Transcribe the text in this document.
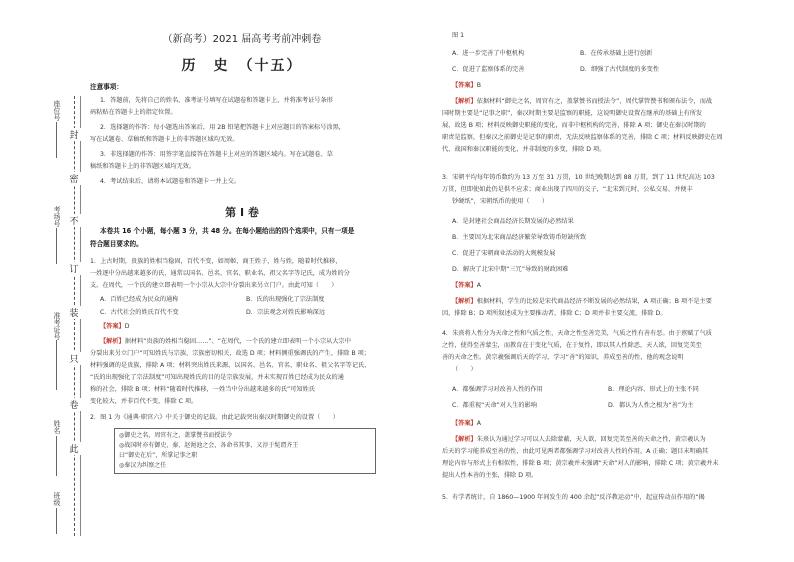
封
密
不
订
装
只
卷
此
座位号
考场号
准考证号
姓名
班级
（新高考）2021 届高考考前冲刺卷
历　史　（十五）
注意事项：
1．答题前，先将自己的姓名、准考证号填写在试题卷和答题卡上，并将准考证号条形
码粘贴在答题卡上的指定位置。
2．选择题的作答：每小题选出答案后，用 2B 铅笔把答题卡上对应题目的答案标号涂黑，
写在试题卷、草稿纸和答题卡上的非答题区域均无效。
3．非选择题的作答：用签字笔直接答在答题卡上对应的答题区域内。写在试题卷、草
稿纸和答题卡上的非答题区域均无效。
4．考试结束后，请将本试题卷和答题卡一并上交。
第 I 卷
本卷共 16 个小题，每小题 3 分，共 48 分。在每小题给出的四个选项中，只有一项是
符合题目要求的。
1．上古时期，贵族的姓相当稳固，百代不变，如周姬，商王姓子，姓与姓，随着时代推移，
一姓逐中分出越来越多的氏，通常以国名、邑名、官名、职业名、祖父名字等记氏，成为姓的分
支。在周代，一个氏的建立即表明一个小宗从大宗中分裂出来另立门户。由此可知（　　）
A．百姓已经成为民众的通称	B．氏的出现强化了宗法制度
C．古代社会的姓氏百代不变	D．宗法观念对姓氏影响深远
【答案】D
【解析】据材料“贵族的姓相当稳固……”、“在周代，一个氏的建立即表明一个小宗从大宗中
分裂出来另立门户”可知姓氏与宗族、宗族密切相关，故选 D 项；材料侧重强调氏的产生，排除 B 项；
材料强调的是贵族，排除 A 项；材料突出姓氏来源，以国名、邑名、官名、职业名、祖父名字等记氏，
“氏的出现强化了宗法制度”可知出现姓氏的目的是宗族发展，并未实现百姓已经成为民众的通
称的社会，排除 B 项；材料“随着时代推移，一姓当中分出越来越多的氏”可知姓氏
变化较大，并非百代不变，排除 C 项。
2．图 1 为《通典·职官六》中关于御史的记载。由此记载突出秦汉时期御史的设置（　　）
◎御史之名，周官有之，盖掌赞书而授法令
◎战国时亦有御史，秦、赵渑池之会，各命书其事，又淳于髡谓齐王
曰“御史在后”，所掌记事之职
◎秦汉为纠察之任
图 1
A．进一步完善了中枢机构	B．在传承基础上进行创新
C．促进了监察体系的完善	D．细强了古代制度的多变性
【答案】B
【解析】依据材料“御史之名，周官有之，盖掌赞书而授法令”，周代掌管赞书和颁布法令，而战
国时期主要是“记事之职”，秦汉时期主要是监察的职能，这说明御史设置在继承的基础上有所发
展，故选 B 项；材料反映御史职能的变化，而非中枢机构的完善，排除 A 项；御史在秦汉时期的
职责是监察，但秦汉之前御史是记事的职责，无法反映监察体系的完善，排除 C 项；材料反映御史在周
代、战国和秦汉职能的变化，并非制度的多变，排除 D 项。
3．宋朝平均每年铸币数约为 13 万至 31 万贯，10 世纪晚期达到 88 万贯，到了 11 世纪高达 103
万贯，但即使如此仍是供不应求；商业出现了四川的交子，“北宋到元时，公私交易，并便丰
钞硬纸”，宋朝纸币的使用（　　）
A．是封建社会商品经济长期发展的必然结果
B．主要因为北宋商品经济繁荣导致铸币短缺所致
C．促进了宋朝商业活动的大规模发展
D．解决了北宋中期“三冗”导致的财政困难
【答案】A
【解析】根据材料，学生的比较是宋代商品经济不断发展的必然结果，A 项正确；B 项不是主要
因，排除 B；D 项所叙述成为主要推动者，排除 C；D 项并非主要交流，排除 D。
4．朱熹将人性分为天命之性和气质之性，天命之性至善完美，气质之性有善有恶。由于禀赋了气质
之性，使得至善蒙尘，而教育在于变化气质，在于复性，即以其人性除恶，天人欲，回复完美至
善的天命之性。黄宗羲强调后天的学习，学习“善”的知识，养成至善的性，他的观念说明
（　　）
A．都强调学习对改善人性的作用	B．理论内容、形式上的主张不同
C．都重视“天命”对人生的影响	D．都认为人性之根为“善”为主
【答案】A
【解析】朱熹认为通过学习可以人去除蒙蔽，天人欲，回复完美至善的天命之性，黄宗羲认为
后天的学习能养成至善的性，由此可见两者都强调学习对改善人性的作用，A 正确；题目未明确其
理论内容与形式上有相似性，排除 B 项；黄宗羲并未强调“天命”对人的影响，排除 C 项；黄宗羲并未
提出人性本善的主张，排除 D 项。
5．有学者统计，自 1860—1900 年间发生的 400 余起“反洋教运动”中，起宣传动员作用的“揭
